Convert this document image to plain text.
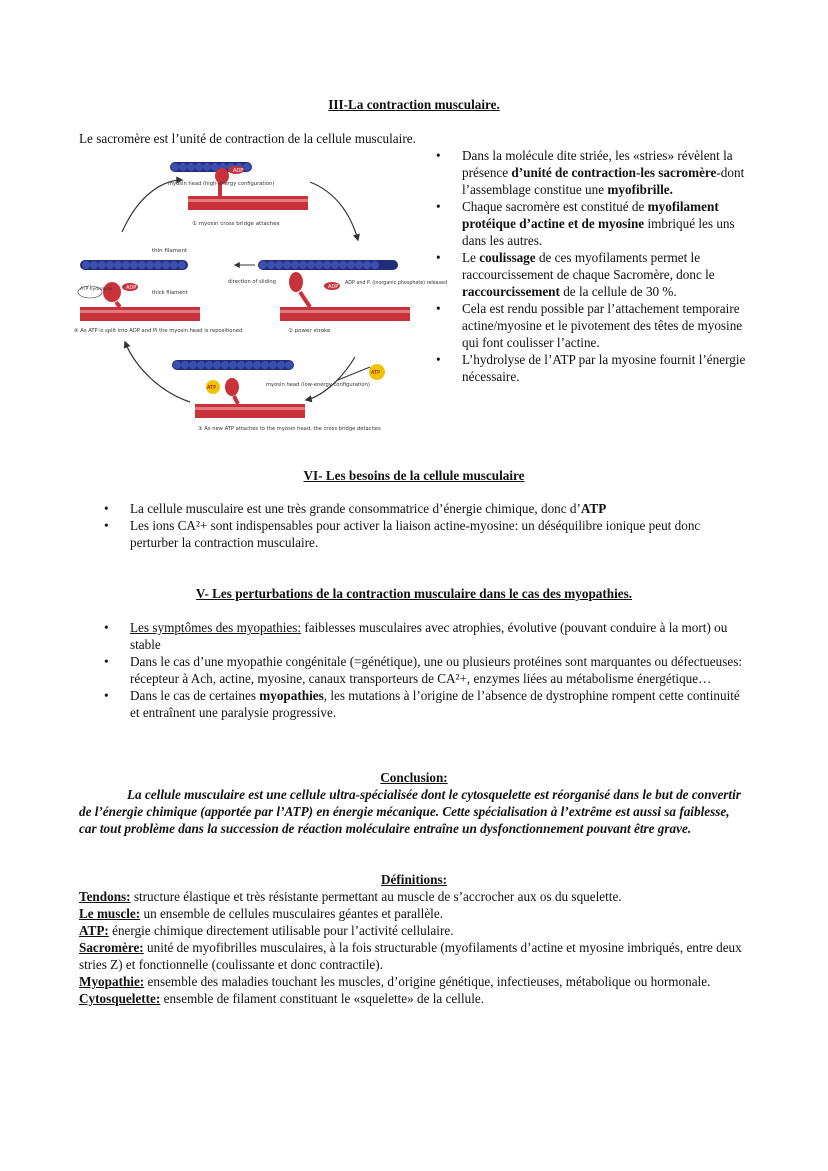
III-La contraction musculaire.
Le sacromère est l’unité de contraction de la cellule musculaire.
• Dans la molécule dite striée, les «stries» révèlent la présence d’unité de contraction-les sacromère-dont l’assemblage constitue une myofibrille.
• Chaque sacromère est constitué de myofilament protéique d’actine et de myosine imbriqué les uns dans les autres.
• Le coulissage de ces myofilaments permet le raccourcissement de chaque Sacromère, donc le raccourcissement de la cellule de 30 %.
• Cela est rendu possible par l’attachement temporaire actine/myosine et le pivotement des têtes de myosine qui font coulisser l’actine.
• L’hydrolyse de l’ATP par la myosine fournit l’énergie nécessaire.
ADP
myosin head (high-energy configuration)
① myosin cross bridge attaches
thin filament
ADP
ATP hydrolysis
thick filament
④ As ATP is split into ADP and Pi the myosin head is repositioned
direction of sliding
ADP
ADP and Pᵢ (inorganic phosphate) released
② power stroke
ATP
ATP
myosin head (low-energy configuration)
③ As new ATP attaches to the myosin head, the cross bridge detaches
VI- Les besoins de la cellule musculaire
• La cellule musculaire est une très grande consommatrice d’énergie chimique, donc d’ATP
• Les ions CA²+ sont indispensables pour activer la liaison actine-myosine: un déséquilibre ionique peut donc perturber la contraction musculaire.
V- Les perturbations de la contraction musculaire dans le cas des myopathies.
• Les symptômes des myopathies: faiblesses musculaires avec atrophies, évolutive (pouvant conduire à la mort) ou stable
• Dans le cas d’une myopathie congénitale (=génétique), une ou plusieurs protéines sont marquantes ou défectueuses: récepteur à Ach, actine, myosine, canaux transporteurs de CA²+, enzymes liées au métabolisme énergétique…
• Dans le cas de certaines myopathies, les mutations à l’origine de l’absence de dystrophine rompent cette continuité et entraînent une paralysie progressive.
Conclusion:
La cellule musculaire est une cellule ultra-spécialisée dont le cytosquelette est réorganisé dans le but de convertir de l’énergie chimique (apportée par l’ATP) en énergie mécanique. Cette spécialisation à l’extrême est aussi sa faiblesse, car tout problème dans la succession de réaction moléculaire entraîne un dysfonctionnement pouvant être grave.
Définitions:

Tendons: structure élastique et très résistante permettant au muscle de s’accrocher aux os du squelette.

Le muscle: un ensemble de cellules musculaires géantes et parallèle.

ATP: énergie chimique directement utilisable pour l’activité cellulaire.

Sacromère: unité de myofibrilles musculaires, à la fois structurable (myofilaments d’actine et myosine imbriqués, entre deux stries Z) et fonctionnelle (coulissante et donc contractile).

Myopathie: ensemble des maladies touchant les muscles, d’origine génétique, infectieuses, métabolique ou hormonale.

Cytosquelette: ensemble de filament constituant le «squelette» de la cellule.
